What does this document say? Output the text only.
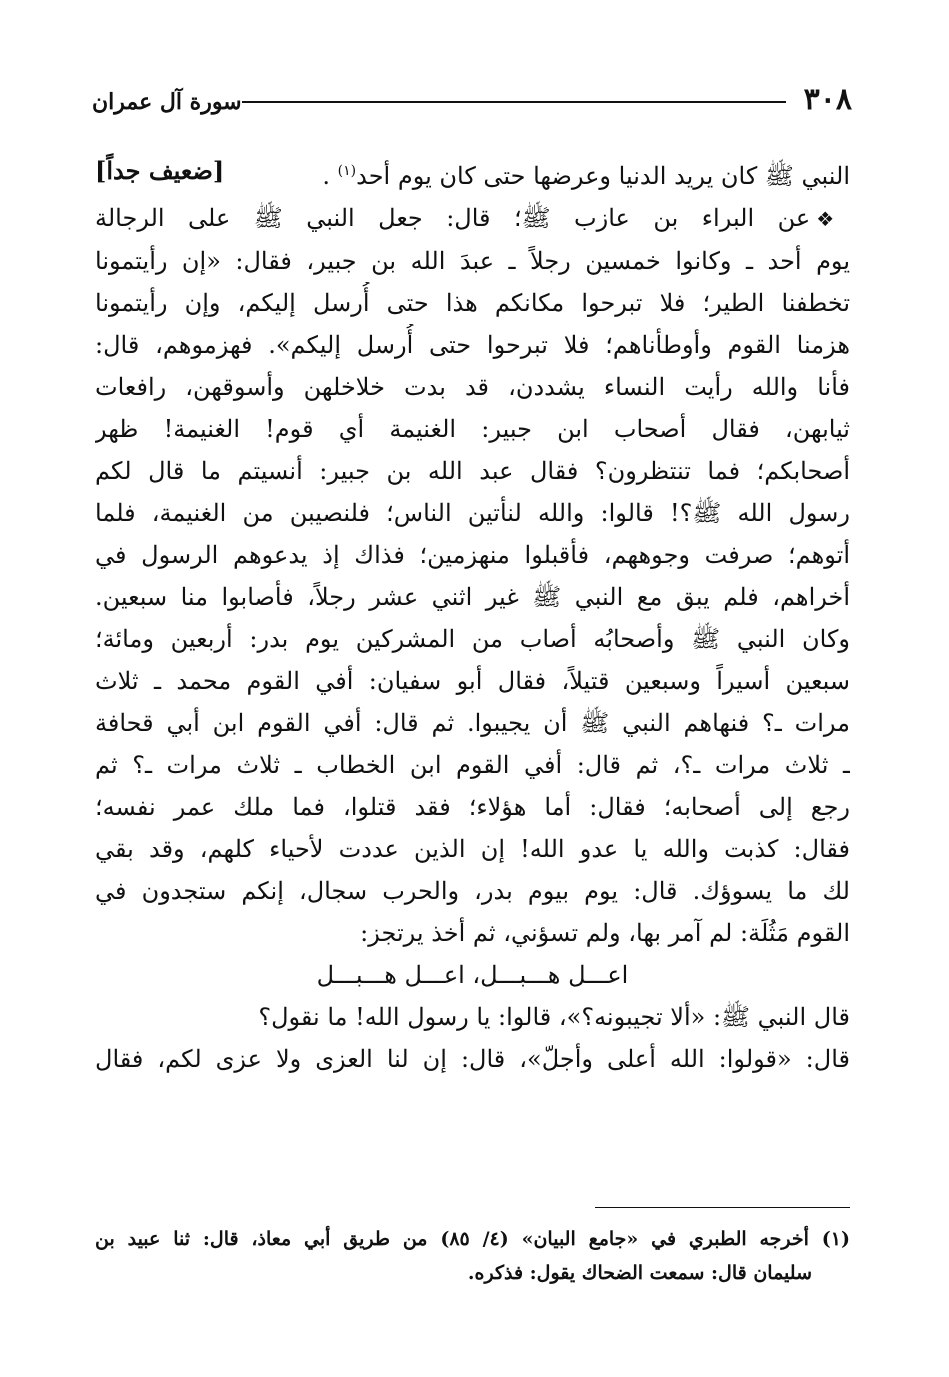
٣٠٨
سورة آل عمران
النبي ﷺ كان يريد الدنيا وعرضها حتى كان يوم أحد$^{(١)}$ .
[ضعيف جداً]
❖عن البراء بن عازب ﷺ؛ قال: جعل النبي ﷺ على الرجالة
يوم أحد ـ وكانوا خمسين رجلاً ـ عبدَ الله بن جبير، فقال: «إن رأيتمونا
تخطفنا الطير؛ فلا تبرحوا مكانكم هذا حتى أُرسل إليكم، وإن رأيتمونا
هزمنا القوم وأوطأناهم؛ فلا تبرحوا حتى أُرسل إليكم». فهزموهم، قال:
فأنا والله رأيت النساء يشددن، قد بدت خلاخلهن وأسوقهن، رافعات
ثيابهن، فقال أصحاب ابن جبير: الغنيمة أي قوم! الغنيمة! ظهر
أصحابكم؛ فما تنتظرون؟ فقال عبد الله بن جبير: أنسيتم ما قال لكم
رسول الله ﷺ؟! قالوا: والله لنأتين الناس؛ فلنصيبن من الغنيمة، فلما
أتوهم؛ صرفت وجوههم، فأقبلوا منهزمين؛ فذاك إذ يدعوهم الرسول في
أخراهم، فلم يبق مع النبي ﷺ غير اثني عشر رجلاً، فأصابوا منا سبعين.
وكان النبي ﷺ وأصحابُه أصاب من المشركين يوم بدر: أربعين ومائة؛
سبعين أسيراً وسبعين قتيلاً، فقال أبو سفيان: أفي القوم محمد ـ ثلاث
مرات ـ؟ فنهاهم النبي ﷺ أن يجيبوا. ثم قال: أفي القوم ابن أبي قحافة
ـ ثلاث مرات ـ؟، ثم قال: أفي القوم ابن الخطاب ـ ثلاث مرات ـ؟ ثم
رجع إلى أصحابه؛ فقال: أما هؤلاء؛ فقد قتلوا، فما ملك عمر نفسه؛
فقال: كذبت والله يا عدو الله! إن الذين عددت لأحياء كلهم، وقد بقي
لك ما يسوؤك. قال: يوم بيوم بدر، والحرب سجال، إنكم ستجدون في
القوم مَثُلَة: لم آمر بها، ولم تسؤني، ثم أخذ يرتجز:
اعـــل هـــبـــل، اعـــل هـــبـــل
قال النبي ﷺ: «ألا تجيبونه؟»، قالوا: يا رسول الله! ما نقول؟
قال: «قولوا: الله أعلى وأجلّ»، قال: إن لنا العزى ولا عزى لكم، فقال
(١) أخرجه الطبري في «جامع البيان» (٤/ ٨٥) من طريق أبي معاذ، قال: ثنا عبيد بن
سليمان قال: سمعت الضحاك يقول: فذكره.
